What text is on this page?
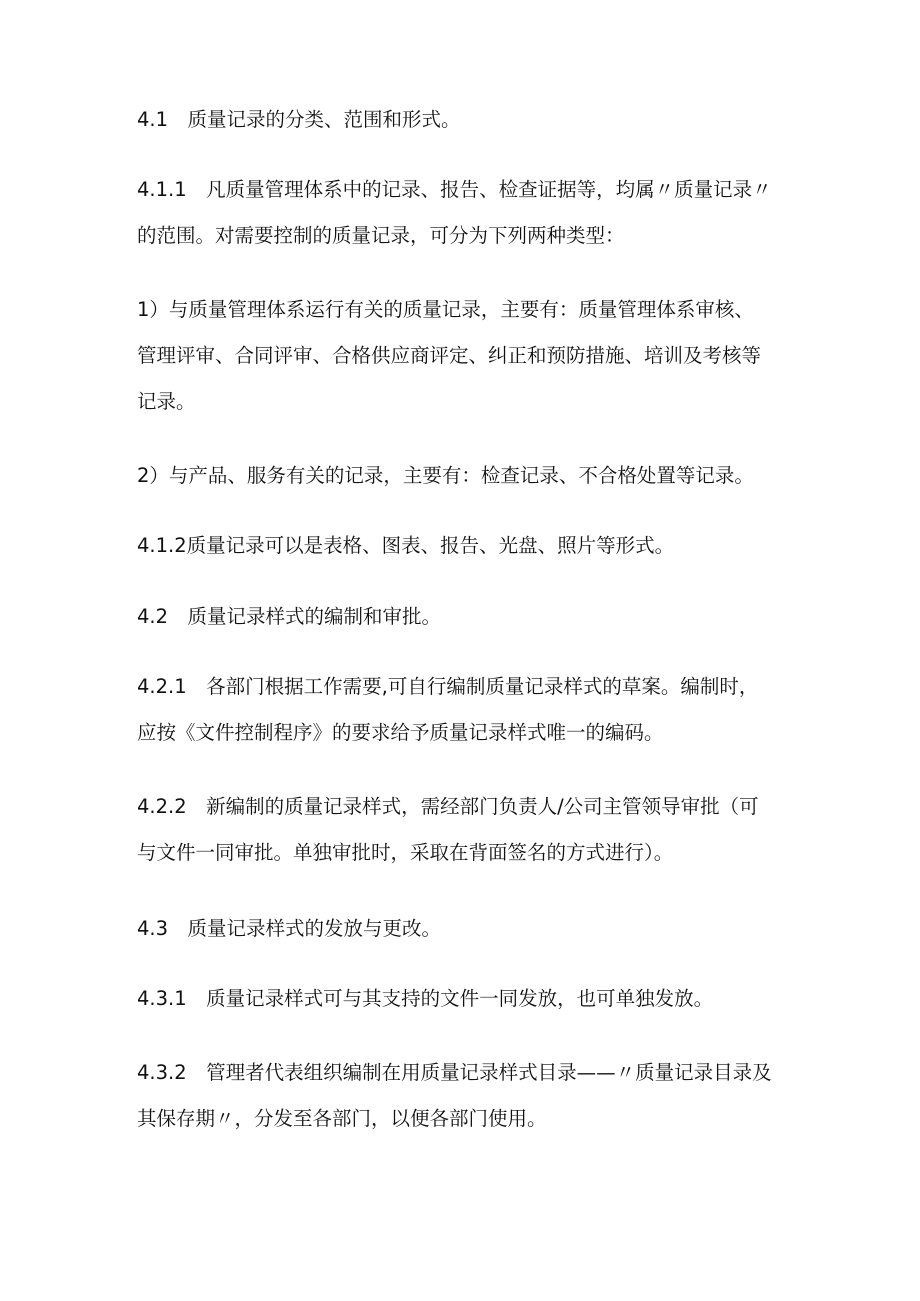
4.1　质量记录的分类、范围和形式。
4.1.1　凡质量管理体系中的记录、报告、检查证据等，均属〃质量记录〃
的范围。对需要控制的质量记录，可分为下列两种类型：
1）与质量管理体系运行有关的质量记录，主要有：质量管理体系审核、
管理评审、合同评审、合格供应商评定、纠正和预防措施、培训及考核等
记录。
2）与产品、服务有关的记录，主要有：检查记录、不合格处置等记录。
4.1.2质量记录可以是表格、图表、报告、光盘、照片等形式。
4.2　质量记录样式的编制和审批。
4.2.1　各部门根据工作需要,可自行编制质量记录样式的草案。编制时，
应按《文件控制程序》的要求给予质量记录样式唯一的编码。
4.2.2　新编制的质量记录样式，需经部门负责人/公司主管领导审批（可
与文件一同审批。单独审批时，采取在背面签名的方式进行）。
4.3　质量记录样式的发放与更改。
4.3.1　质量记录样式可与其支持的文件一同发放，也可单独发放。
4.3.2　管理者代表组织编制在用质量记录样式目录——〃质量记录目录及
其保存期〃，分发至各部门，以便各部门使用。
